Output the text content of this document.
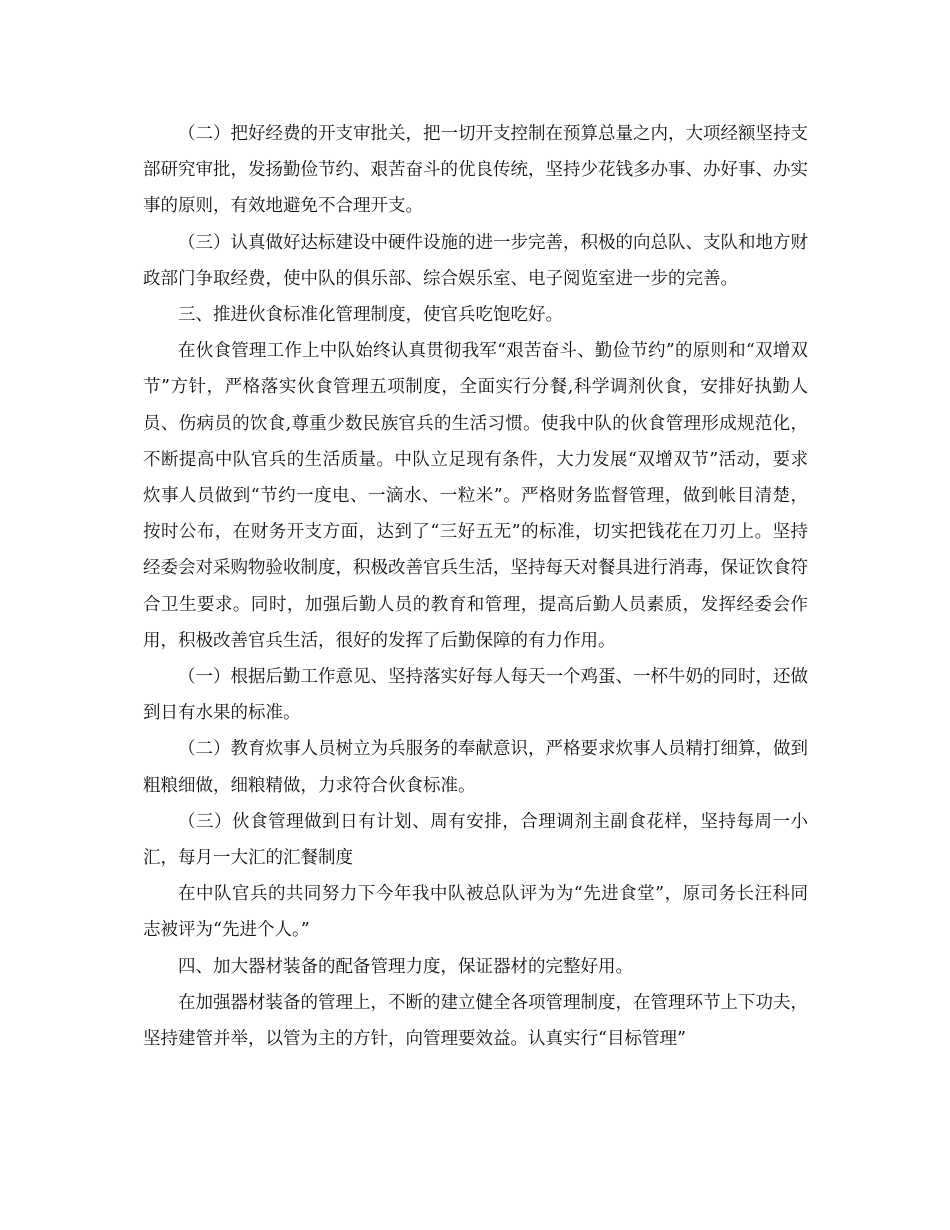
（二）把好经费的开支审批关，把一切开支控制在预算总量之内，大项经额坚持支部研究审批，发扬勤俭节约、艰苦奋斗的优良传统，坚持少花钱多办事、办好事、办实事的原则，有效地避免不合理开支。

（三）认真做好达标建设中硬件设施的进一步完善，积极的向总队、支队和地方财政部门争取经费，使中队的俱乐部、综合娱乐室、电子阅览室进一步的完善。

三、推进伙食标准化管理制度，使官兵吃饱吃好。

在伙食管理工作上中队始终认真贯彻我军“艰苦奋斗、勤俭节约”的原则和“双增双节”方针，严格落实伙食管理五项制度，全面实行分餐,科学调剂伙食，安排好执勤人员、伤病员的饮食,尊重少数民族官兵的生活习惯。使我中队的伙食管理形成规范化，不断提高中队官兵的生活质量。中队立足现有条件，大力发展“双增双节”活动，要求炊事人员做到“节约一度电、一滴水、一粒米”。严格财务监督管理，做到帐目清楚，按时公布，在财务开支方面，达到了“三好五无”的标准，切实把钱花在刀刃上。坚持经委会对采购物验收制度，积极改善官兵生活，坚持每天对餐具进行消毒，保证饮食符合卫生要求。同时，加强后勤人员的教育和管理，提高后勤人员素质，发挥经委会作用，积极改善官兵生活，很好的发挥了后勤保障的有力作用。

（一）根据后勤工作意见、坚持落实好每人每天一个鸡蛋、一杯牛奶的同时，还做到日有水果的标准。

（二）教育炊事人员树立为兵服务的奉献意识，严格要求炊事人员精打细算，做到粗粮细做，细粮精做，力求符合伙食标准。

（三）伙食管理做到日有计划、周有安排，合理调剂主副食花样，坚持每周一小汇，每月一大汇的汇餐制度

在中队官兵的共同努力下今年我中队被总队评为为“先进食堂”，原司务长汪科同志被评为“先进个人。”

四、加大器材装备的配备管理力度，保证器材的完整好用。

在加强器材装备的管理上，不断的建立健全各项管理制度，在管理环节上下功夫，坚持建管并举，以管为主的方针，向管理要效益。认真实行“目标管理”
